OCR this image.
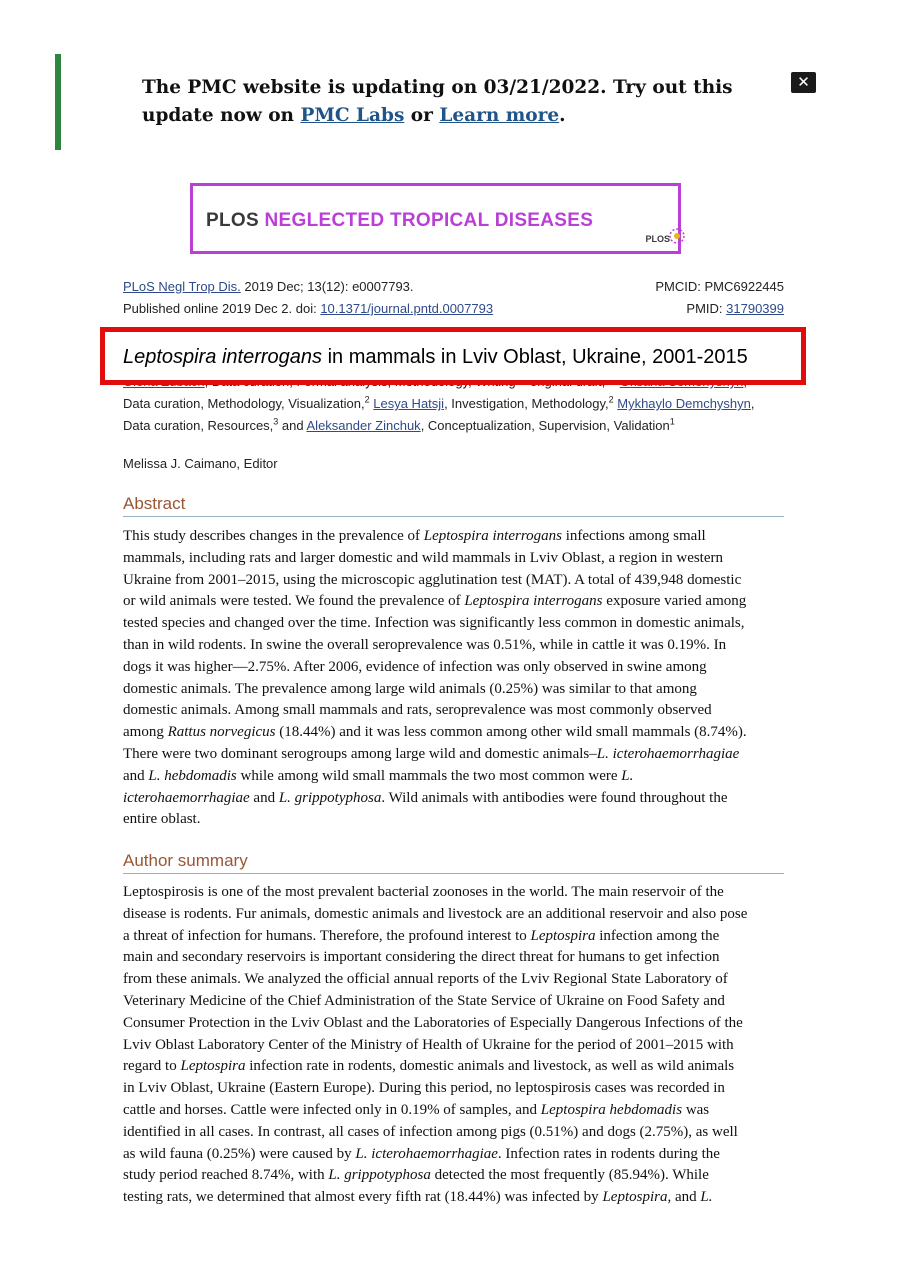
The PMC website is updating on 03/21/2022. Try out this
update now on PMC Labs or Learn more.
✕
PLOS NEGLECTED TROPICAL DISEASES
PLOS
PLoS Negl Trop Dis. 2019 Dec; 13(12): e0007793.
Published online 2019 Dec 2. doi: 10.1371/journal.pntd.0007793
PMCID: PMC6922445
PMID: 31790399
Data curation, Methodology, Visualization,$^2$ Lesya Hatsji, Investigation, Methodology,$^2$ Mykhaylo Demchyshyn,
Data curation, Resources,$^3$ and Aleksander Zinchuk, Conceptualization, Supervision, Validation$^1$
Melissa J. Caimano, Editor
Leptospira interrogans in mammals in Lviv Oblast, Ukraine, 2001-2015
Abstract
This study describes changes in the prevalence of Leptospira interrogans infections among small
mammals, including rats and larger domestic and wild mammals in Lviv Oblast, a region in western
Ukraine from 2001–2015, using the microscopic agglutination test (MAT). A total of 439,948 domestic
or wild animals were tested. We found the prevalence of Leptospira interrogans exposure varied among
tested species and changed over the time. Infection was significantly less common in domestic animals,
than in wild rodents. In swine the overall seroprevalence was 0.51%, while in cattle it was 0.19%. In
dogs it was higher—2.75%. After 2006, evidence of infection was only observed in swine among
domestic animals. The prevalence among large wild animals (0.25%) was similar to that among
domestic animals. Among small mammals and rats, seroprevalence was most commonly observed
among Rattus norvegicus (18.44%) and it was less common among other wild small mammals (8.74%).
There were two dominant serogroups among large wild and domestic animals–L. icterohaemorrhagiae
and L. hebdomadis while among wild small mammals the two most common were L.
icterohaemorrhagiae and L. grippotyphosa. Wild animals with antibodies were found throughout the
entire oblast.
Author summary
Leptospirosis is one of the most prevalent bacterial zoonoses in the world. The main reservoir of the
disease is rodents. Fur animals, domestic animals and livestock are an additional reservoir and also pose
a threat of infection for humans. Therefore, the profound interest to Leptospira infection among the
main and secondary reservoirs is important considering the direct threat for humans to get infection
from these animals. We analyzed the official annual reports of the Lviv Regional State Laboratory of
Veterinary Medicine of the Chief Administration of the State Service of Ukraine on Food Safety and
Consumer Protection in the Lviv Oblast and the Laboratories of Especially Dangerous Infections of the
Lviv Oblast Laboratory Center of the Ministry of Health of Ukraine for the period of 2001–2015 with
regard to Leptospira infection rate in rodents, domestic animals and livestock, as well as wild animals
in Lviv Oblast, Ukraine (Eastern Europe). During this period, no leptospirosis cases was recorded in
cattle and horses. Cattle were infected only in 0.19% of samples, and Leptospira hebdomadis was
identified in all cases. In contrast, all cases of infection among pigs (0.51%) and dogs (2.75%), as well
as wild fauna (0.25%) were caused by L. icterohaemorrhagiae. Infection rates in rodents during the
study period reached 8.74%, with L. grippotyphosa detected the most frequently (85.94%). While
testing rats, we determined that almost every fifth rat (18.44%) was infected by Leptospira, and L.
